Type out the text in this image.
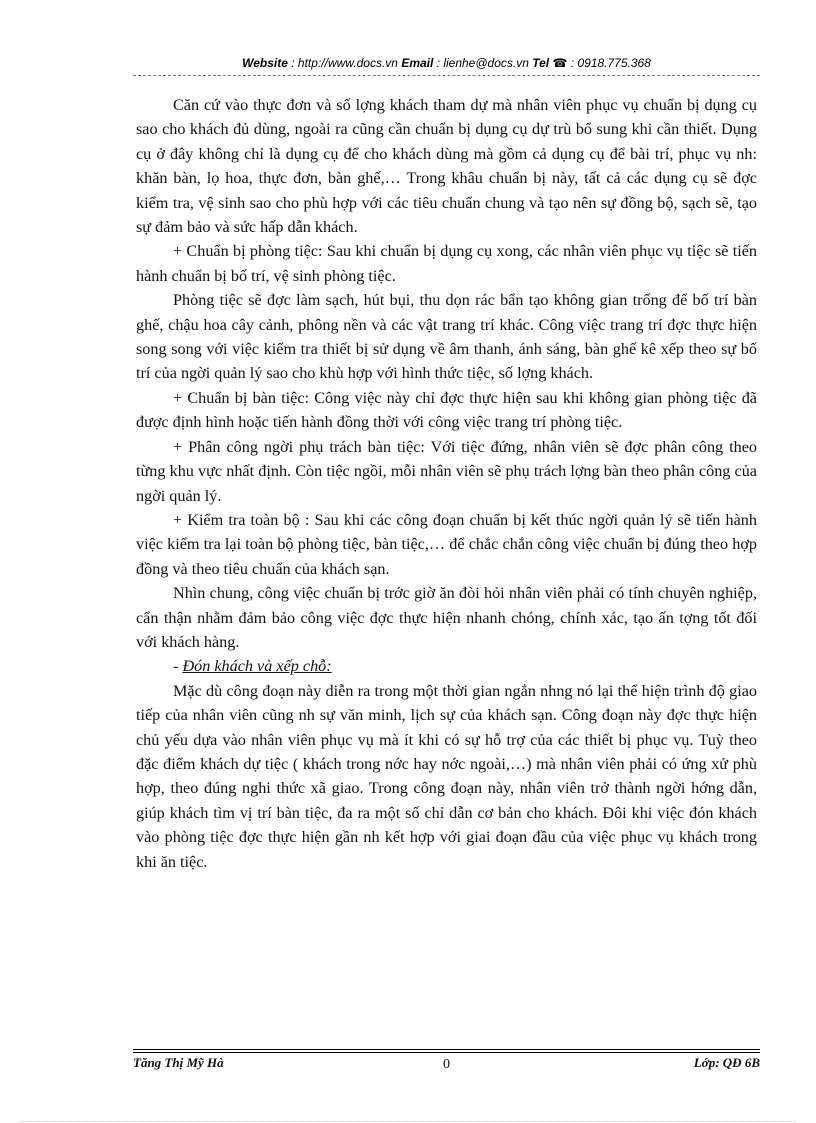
Website : http://www.docs.vn Email : lienhe@docs.vn Tel ☎ : 0918.775.368

Căn cứ vào thực đơn và số lợng khách tham dự mà nhân viên phục vụ chuẩn bị dụng cụ sao cho khách đủ dùng, ngoài ra cũng cần chuẩn bị dụng cụ dự trù bổ sung khi cần thiết. Dụng cụ ở đây không chỉ là dụng cụ để cho khách dùng mà gồm cả dụng cụ để bài trí, phục vụ nh: khăn bàn, lọ hoa, thực đơn, bàn ghế,… Trong khâu chuẩn bị này, tất cả các dụng cụ sẽ đợc kiểm tra, vệ sinh sao cho phù hợp với các tiêu chuẩn chung và tạo nên sự đồng bộ, sạch sẽ, tạo sự đảm bảo và sức hấp dẫn khách.

+ Chuẩn bị phòng tiệc: Sau khi chuẩn bị dụng cụ xong, các nhân viên phục vụ tiệc sẽ tiến hành chuẩn bị bố trí, vệ sinh phòng tiệc.

Phòng tiệc sẽ đợc làm sạch, hút bụi, thu dọn rác bẩn tạo không gian trống để bố trí bàn ghế, chậu hoa cây cảnh, phông nền và các vật trang trí khác. Công việc trang trí đợc thực hiện song song với việc kiểm tra thiết bị sử dụng về âm thanh, ánh sáng, bàn ghế kê xếp theo sự bố trí của ngời quản lý sao cho khù hợp với hình thức tiệc, số lợng khách.

+ Chuẩn bị bàn tiệc: Công việc này chỉ đợc thực hiện sau khi không gian phòng tiệc đã được định hình hoặc tiến hành đồng thời với công việc trang trí phòng tiệc.

+ Phân công ngời phụ trách bàn tiệc: Với tiệc đứng, nhân viên sẽ đợc phân công theo từng khu vực nhất định. Còn tiệc ngồi, mỗi nhân viên sẽ phụ trách lợng bàn theo phân công của ngời quản lý.

+ Kiểm tra toàn bộ : Sau khi các công đoạn chuẩn bị kết thúc ngời quản lý sẽ tiến hành việc kiểm tra lại toàn bộ phòng tiệc, bàn tiệc,… để chắc chắn công việc chuẩn bị đúng theo hợp đồng và theo tiêu chuẩn của khách sạn.

Nhìn chung, công việc chuẩn bị trớc giờ ăn đòi hỏi nhân viên phải có tính chuyên nghiệp, cẩn thận nhằm đảm bảo công việc đợc thực hiện nhanh chóng, chính xác, tạo ấn tợng tốt đối với khách hàng.

- Đón khách và xếp chỗ:

Mặc dù công đoạn này diễn ra trong một thời gian ngắn nhng nó lại thể hiện trình độ giao tiếp của nhân viên cũng nh sự văn minh, lịch sự của khách sạn. Công đoạn này đợc thực hiện chủ yếu dựa vào nhân viên phục vụ mà ít khi có sự hỗ trợ của các thiết bị phục vụ. Tuỳ theo đặc điểm khách dự tiệc ( khách trong nớc hay nớc ngoài,…) mà nhân viên phải có ứng xử phù hợp, theo đúng nghi thức xã giao. Trong công đoạn này, nhân viên trở thành ngời hớng dẫn, giúp khách tìm vị trí bàn tiệc, đa ra một số chỉ dẫn cơ bản cho khách. Đôi khi việc đón khách vào phòng tiệc đợc thực hiện gần nh kết hợp với giai đoạn đầu của việc phục vụ khách trong khi ăn tiệc.

Tăng Thị Mỹ Hà	0	Lớp: QĐ 6B
